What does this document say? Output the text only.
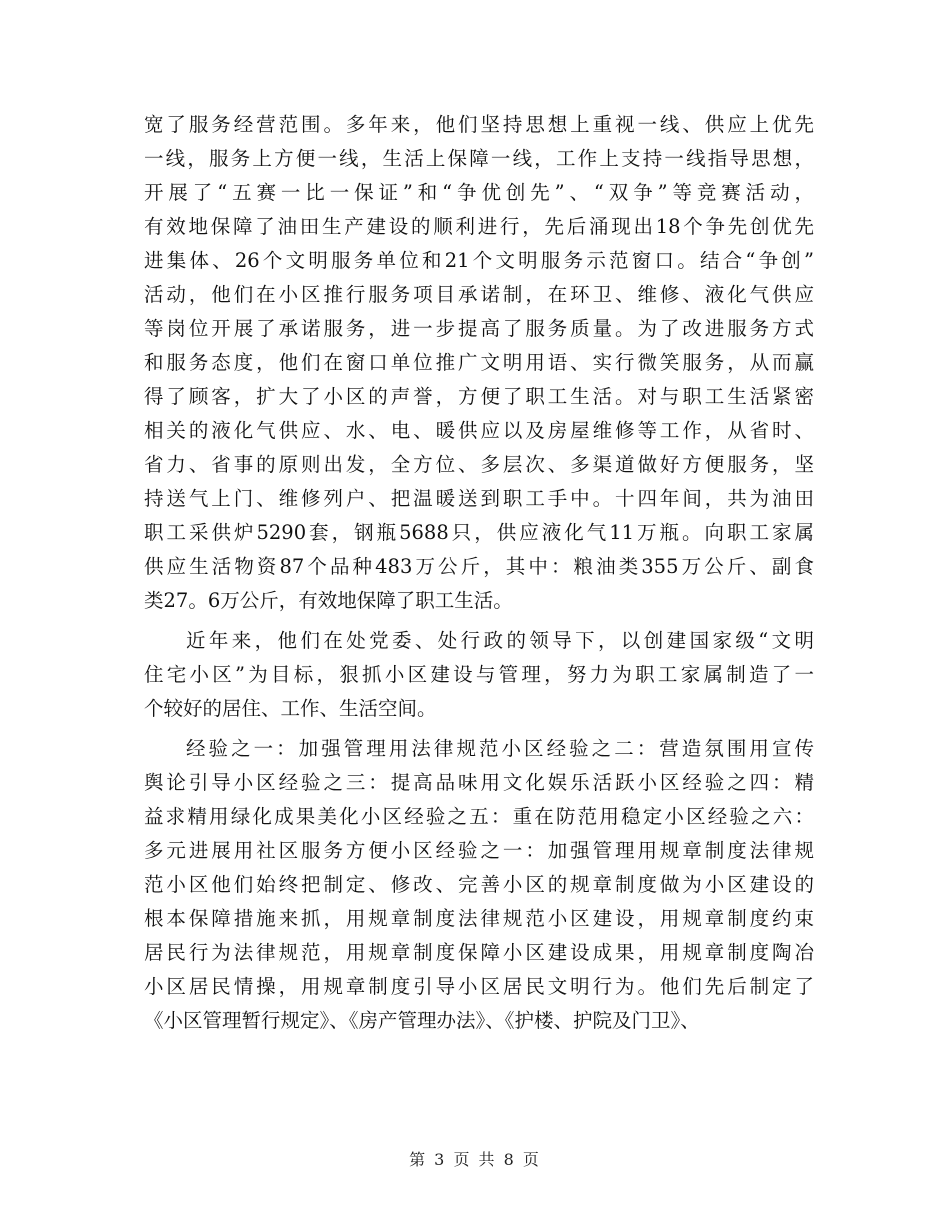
宽了服务经营范围。多年来，他们坚持思想上重视一线、供应上优先
一线，服务上方便一线，生活上保障一线，工作上支持一线指导思想，
开展了“五赛一比一保证”和“争优创先”、“双争”等竞赛活动，
有效地保障了油田生产建设的顺利进行，先后涌现出18个争先创优先
进集体、26个文明服务单位和21个文明服务示范窗口。结合“争创”
活动，他们在小区推行服务项目承诺制，在环卫、维修、液化气供应
等岗位开展了承诺服务，进一步提高了服务质量。为了改进服务方式
和服务态度，他们在窗口单位推广文明用语、实行微笑服务，从而赢
得了顾客，扩大了小区的声誉，方便了职工生活。对与职工生活紧密
相关的液化气供应、水、电、暖供应以及房屋维修等工作，从省时、
省力、省事的原则出发，全方位、多层次、多渠道做好方便服务，坚
持送气上门、维修列户、把温暖送到职工手中。十四年间，共为油田
职工采供炉5290套，钢瓶5688只，供应液化气11万瓶。向职工家属
供应生活物资87个品种483万公斤，其中：粮油类355万公斤、副食
类27。6万公斤，有效地保障了职工生活。
近年来，他们在处党委、处行政的领导下，以创建国家级“文明
住宅小区”为目标，狠抓小区建设与管理，努力为职工家属制造了一
个较好的居住、工作、生活空间。
经验之一：加强管理用法律规范小区经验之二：营造氛围用宣传
舆论引导小区经验之三：提高品味用文化娱乐活跃小区经验之四：精
益求精用绿化成果美化小区经验之五：重在防范用稳定小区经验之六：
多元进展用社区服务方便小区经验之一：加强管理用规章制度法律规
范小区他们始终把制定、修改、完善小区的规章制度做为小区建设的
根本保障措施来抓，用规章制度法律规范小区建设，用规章制度约束
居民行为法律规范，用规章制度保障小区建设成果，用规章制度陶冶
小区居民情操，用规章制度引导小区居民文明行为。他们先后制定了
《小区管理暂行规定》、《房产管理办法》、《护楼、护院及门卫》、
第 3 页 共 8 页
